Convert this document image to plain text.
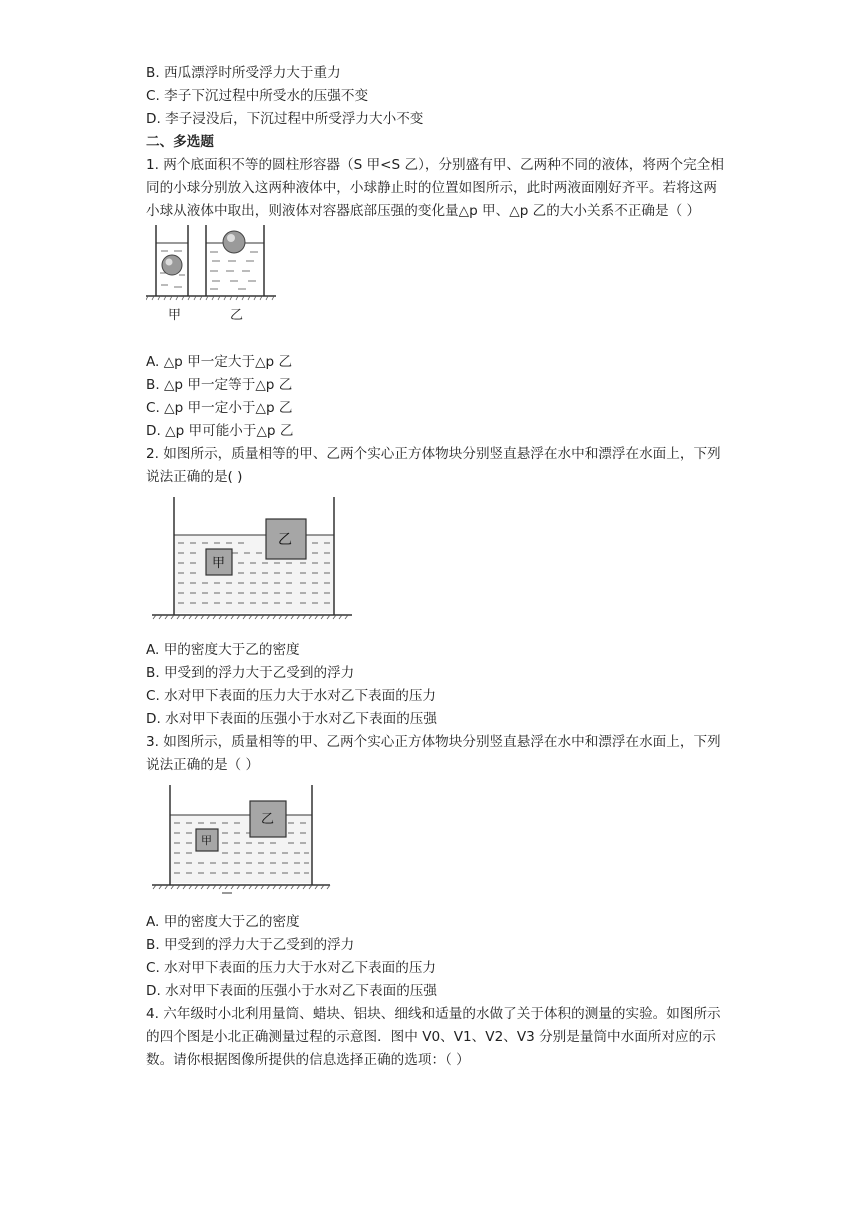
B. 西瓜漂浮时所受浮力大于重力
C. 李子下沉过程中所受水的压强不变
D. 李子浸没后，下沉过程中所受浮力大小不变
二、多选题
1. 两个底面积不等的圆柱形容器（S 甲<S 乙），分别盛有甲、乙两种不同的液体，将两个完全相同的小球分别放入这两种液体中，小球静止时的位置如图所示，此时两液面刚好齐平。若将这两小球从液体中取出，则液体对容器底部压强的变化量△p 甲、△p 乙的大小关系不正确是（ ）
甲	乙
A. △p 甲一定大于△p 乙
B. △p 甲一定等于△p 乙
C. △p 甲一定小于△p 乙
D. △p 甲可能小于△p 乙
2. 如图所示，质量相等的甲、乙两个实心正方体物块分别竖直悬浮在水中和漂浮在水面上，下列说法正确的是( )
甲
乙
A. 甲的密度大于乙的密度
B. 甲受到的浮力大于乙受到的浮力
C. 水对甲下表面的压力大于水对乙下表面的压力
D. 水对甲下表面的压强小于水对乙下表面的压强
3. 如图所示，质量相等的甲、乙两个实心正方体物块分别竖直悬浮在水中和漂浮在水面上，下列说法正确的是（ ）
甲
乙
A. 甲的密度大于乙的密度
B. 甲受到的浮力大于乙受到的浮力
C. 水对甲下表面的压力大于水对乙下表面的压力
D. 水对甲下表面的压强小于水对乙下表面的压强
4. 六年级时小北利用量筒、蜡块、铝块、细线和适量的水做了关于体积的测量的实验。如图所示的四个图是小北正确测量过程的示意图．图中 V0、V1、V2、V3 分别是量筒中水面所对应的示数。请你根据图像所提供的信息选择正确的选项：（ ）
